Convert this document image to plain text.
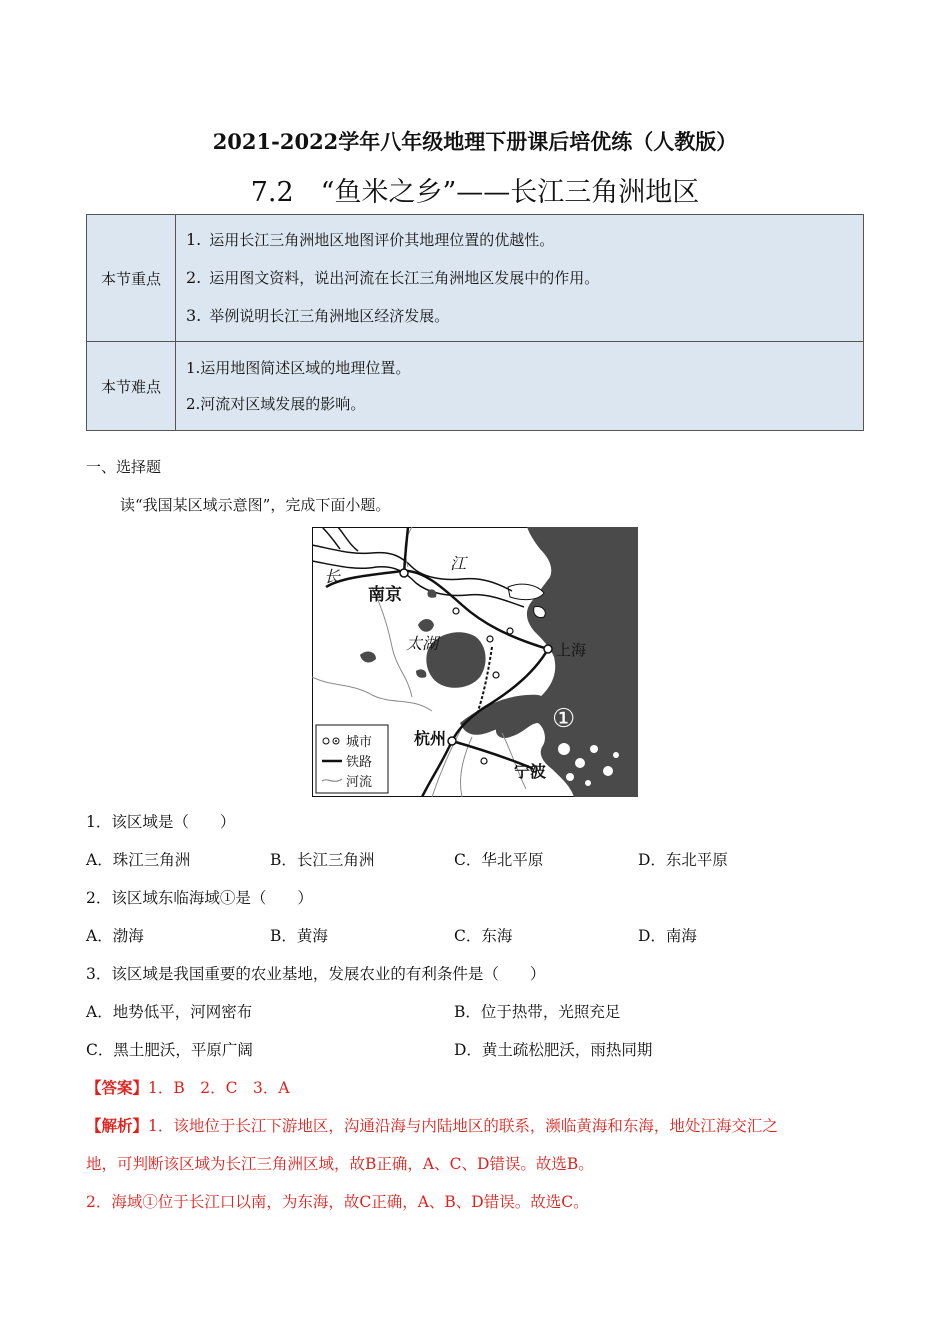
2021-2022学年八年级地理下册课后培优练（人教版）
7.2　“鱼米之乡”——长江三角洲地区
本节重点	1. 运用长江三角洲地区地图评价其地理位置的优越性。
2. 运用图文资料，说出河流在长江三角洲地区发展中的作用。
3. 举例说明长江三角洲地区经济发展。

本节难点	1.运用地图简述区域的地理位置。
2.河流对区域发展的影响。
一、选择题
读“我国某区域示意图”，完成下面小题。
长
江
南京
太湖	上海
杭州
宁波
①
城市
铁路
河流
1．该区域是（　　）
A．珠江三角洲	B．长江三角洲	C．华北平原	D．东北平原
2．该区域东临海域①是（　　）
A．渤海	B．黄海	C．东海	D．南海
3．该区域是我国重要的农业基地，发展农业的有利条件是（　　）
A．地势低平，河网密布	B．位于热带，光照充足
C．黑土肥沃，平原广阔	D．黄土疏松肥沃，雨热同期
【答案】1．B　2．C　3．A
【解析】1．该地位于长江下游地区，沟通沿海与内陆地区的联系，濒临黄海和东海，地处江海交汇之
地，可判断该区域为长江三角洲区域，故B正确，A、C、D错误。故选B。
2．海域①位于长江口以南，为东海，故C正确，A、B、D错误。故选C。
